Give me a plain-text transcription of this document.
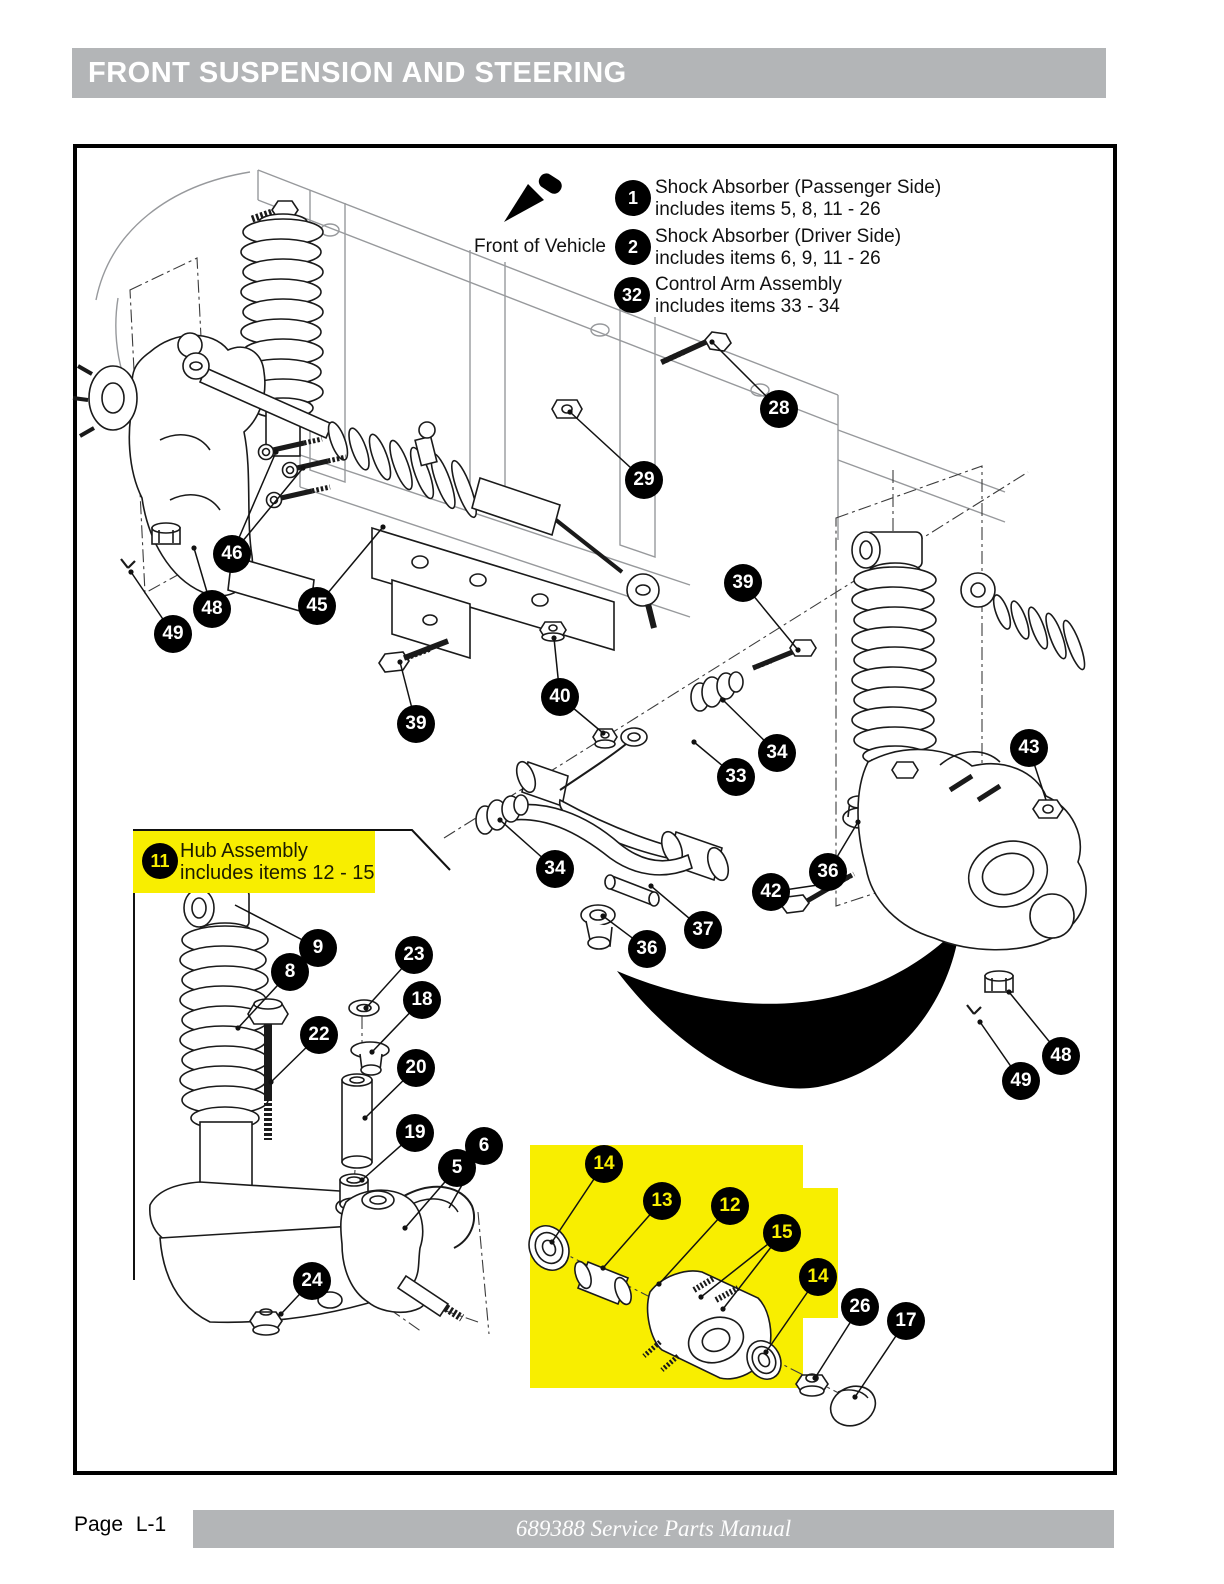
FRONT SUSPENSION AND STEERING
Front of Vehicle
1 Shock Absorber (Passenger Side)
includes items 5, 8, 11 - 26
2 Shock Absorber (Driver Side)
includes items 6, 9, 11 - 26
32 Control Arm Assembly
includes items 33 - 34
11 Hub Assembly
includes items 12 - 15
28
29
46
48
49
45
39
40
39
34
33
43
34	36
42
37
36
9
8
23
18
22
20
19
6
5
24
48
49
14
13	12
15
14
26
17
Page L-1	689388 Service Parts Manual
